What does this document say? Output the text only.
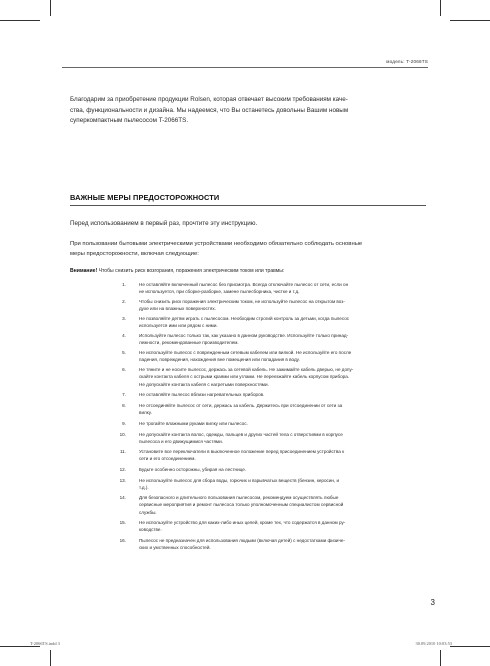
модель: T-2066TS
Благодарим за приобретение продукции Rolsen, которая отвечает высоким требованиям каче-
ства, функциональности и дизайна. Мы надеемся, что Вы останетесь довольны Вашим новым
суперкомпактным пылесосом T-2066TS.
ВАЖНЫЕ МЕРЫ ПРЕДОСТОРОЖНОСТИ
Перед использованием в первый раз, прочтите эту инструкцию.
При пользовании бытовыми электрическими устройствами необходимо обязательно соблюдать основные
меры предосторожности, включая следующие:
Внимание! Чтобы снизить риск возгорания, поражения электрическим током или травмы:
1.	Не оставляйте включенный пылесос без присмотра. Всегда отключайте пылесос от сети, если он
не используется, при сборке-разборке, замене пылесборника, чистке и т.д.
2.	Чтобы снизить риск поражения электрическим током, не используйте пылесос на открытом воз-
духе или на влажных поверхностях.
3.	Не позволяйте детям играть с пылесосом. Необходим строгий контроль за детьми, когда пылесос
используется ими или рядом с ними.
4.	Используйте пылесос только так, как указано в данном руководстве. Используйте только принад-
лежности, рекомендованные производителем.
5.	Не используйте пылесос с поврежденным сетевым кабелем или вилкой. Не используйте его после
падения, повреждения, нахождения вне помещения или попадания в воду.
6.	Не тяните и не носите пылесос, держась за сетевой кабель. Не зажимайте кабель дверью, не допу-
скайте контакта кабеля с острыми краями или углами. Не переезжайте кабель корпусом прибора.
Не допускайте контакта кабеля с нагретыми поверхностями.
7.	Не оставляйте пылесос вблизи нагревательных приборов.
8.	Не отсоединяйте пылесос от сети, держась за кабель. Держитесь при отсоединении от сети за
вилку.
9.	Не трогайте влажными руками вилку или пылесос.
10.	Не допускайте контакта волос, одежды, пальцев и других частей тела с отверстиями в корпусе
пылесоса и его движущимися частями.
11.	Установите все переключатели в выключенное положение перед присоединением устройства к
сети и его отсоединением.
12.	Будьте особенно осторожны, убирая на лестнице.
13.	Не используйте пылесос для сбора воды, горючих и взрывчатых веществ (бензин, керосин, и
т.д.).
14.	Для безопасного и длительного пользования пылесосом, рекомендуем осуществлять любые
сервисные мероприятия и ремонт пылесоса только уполномоченным специалистом сервисной
службы.
15.	Не используйте устройство для каких-либо иных целей, кроме тех, что содержатся в данном ру-
ководстве.
16.	Пылесос не предназначен для использования людьми (включая детей) с недостатками физиче-
ских и умственных способностей.
3
T-2066TS.indd 3	30.09.2010 10:03:53
